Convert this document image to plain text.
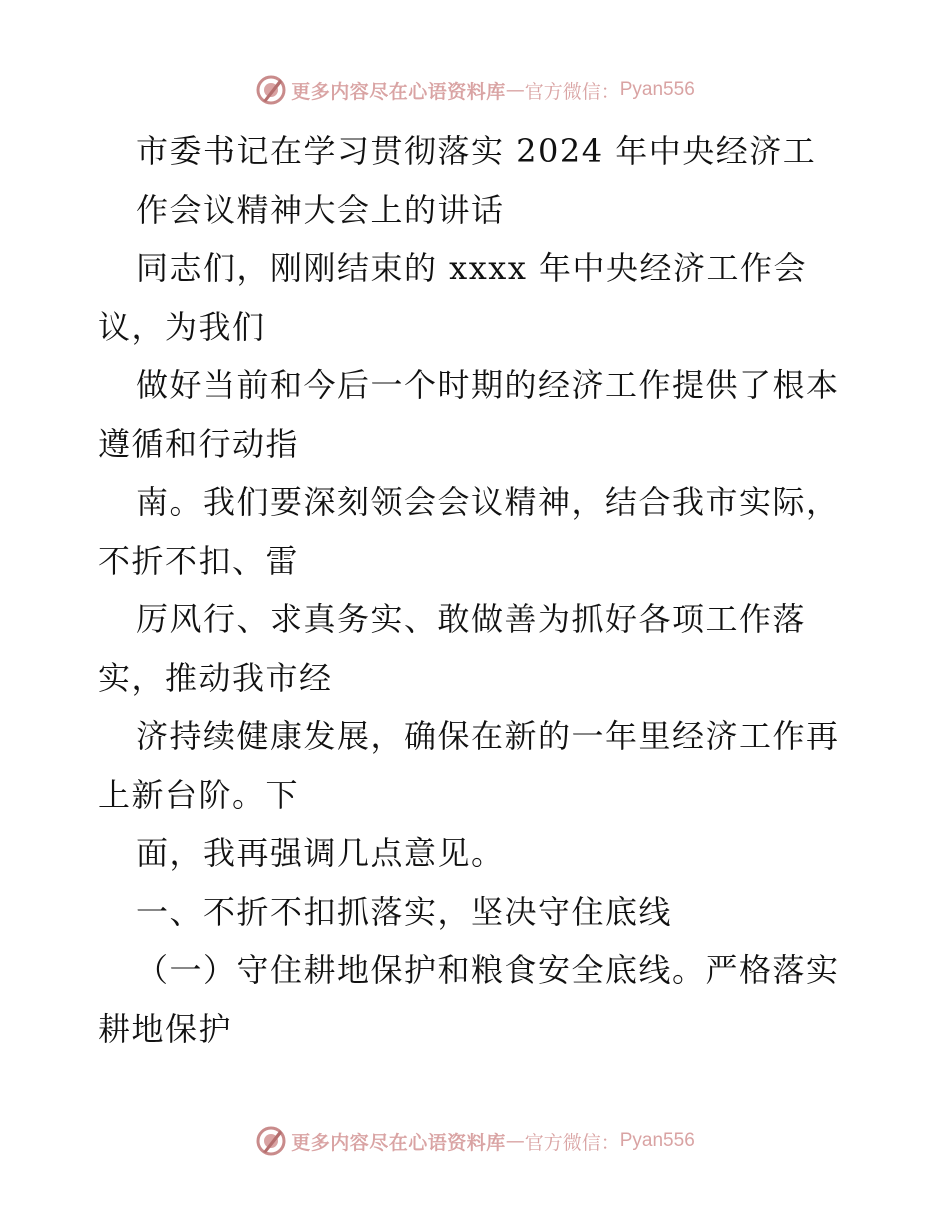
更多内容尽在心语资料库 — 官方微信： Pyan556
市委书记在学习贯彻落实 2024 年中央经济工
作会议精神大会上的讲话
同志们，刚刚结束的 xxxx 年中央经济工作会
议，为我们
做好当前和今后一个时期的经济工作提供了根本
遵循和行动指
南。我们要深刻领会会议精神，结合我市实际，
不折不扣、雷
厉风行、求真务实、敢做善为抓好各项工作落
实，推动我市经
济持续健康发展，确保在新的一年里经济工作再
上新台阶。下
面，我再强调几点意见。
一、不折不扣抓落实，坚决守住底线
（一）守住耕地保护和粮食安全底线。严格落实
耕地保护
更多内容尽在心语资料库 — 官方微信： Pyan556
